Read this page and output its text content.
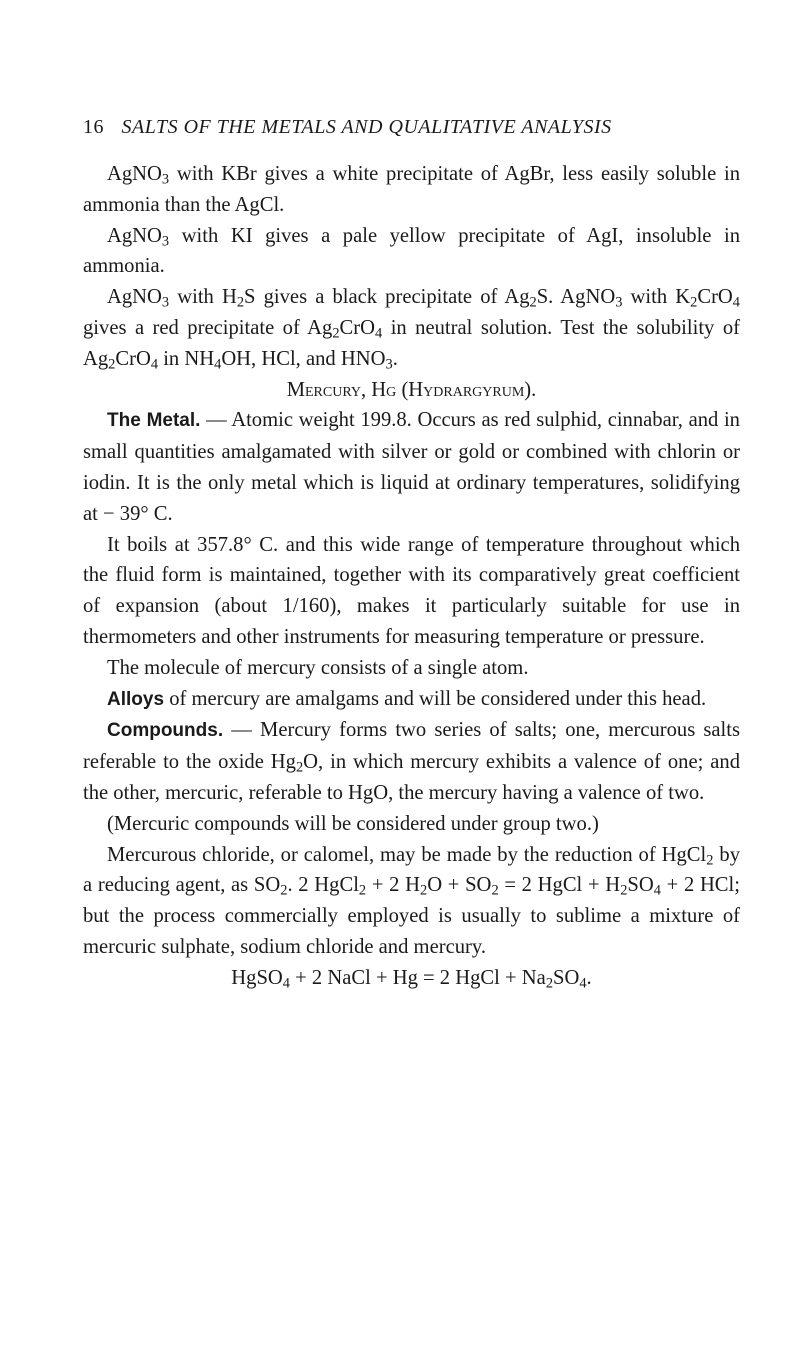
16 SALTS OF THE METALS AND QUALITATIVE ANALYSIS

AgNO$_3$ with KBr gives a white precipitate of AgBr, less easily soluble in ammonia than the AgCl.

AgNO$_3$ with KI gives a pale yellow precipitate of AgI, insoluble in ammonia.

AgNO$_3$ with $H_2S$ gives a black precipitate of $Ag_2S$. AgNO$_3$ with $K_2CrO_4$ gives a red precipitate of $Ag_2CrO_4$ in neutral solution. Test the solubility of $Ag_2CrO_4$ in $NH_4OH$, HCl, and $HNO_3$.

Mercury, Hg (Hydrargyrum).

The Metal. — Atomic weight 199.8. Occurs as red sulphid, cinnabar, and in small quantities amalgamated with silver or gold or combined with chlorin or iodin. It is the only metal which is liquid at ordinary temperatures, solidifying at − 39° C.

It boils at 357.8° C. and this wide range of temperature throughout which the fluid form is maintained, together with its comparatively great coefficient of expansion (about 1/160), makes it particularly suitable for use in thermometers and other instruments for measuring temperature or pressure.

The molecule of mercury consists of a single atom.

Alloys of mercury are amalgams and will be considered under this head.

Compounds. — Mercury forms two series of salts; one, mercurous salts referable to the oxide $Hg_2O$, in which mercury exhibits a valence of one; and the other, mercuric, referable to HgO, the mercury having a valence of two.

(Mercuric compounds will be considered under group two.)

Mercurous chloride, or calomel, may be made by the reduction of HgCl$_2$ by a reducing agent, as $SO_2$. 2 HgCl$_2$ + 2 $H_2O + SO_2 = 2$ HgCl + $H_2SO_4 + 2$ HCl; but the process commercially employed is usually to sublime a mixture of mercuric sulphate, sodium chloride and mercury.

HgSO$_4$ + 2 NaCl + Hg = 2 HgCl + $Na_2SO_4$.
